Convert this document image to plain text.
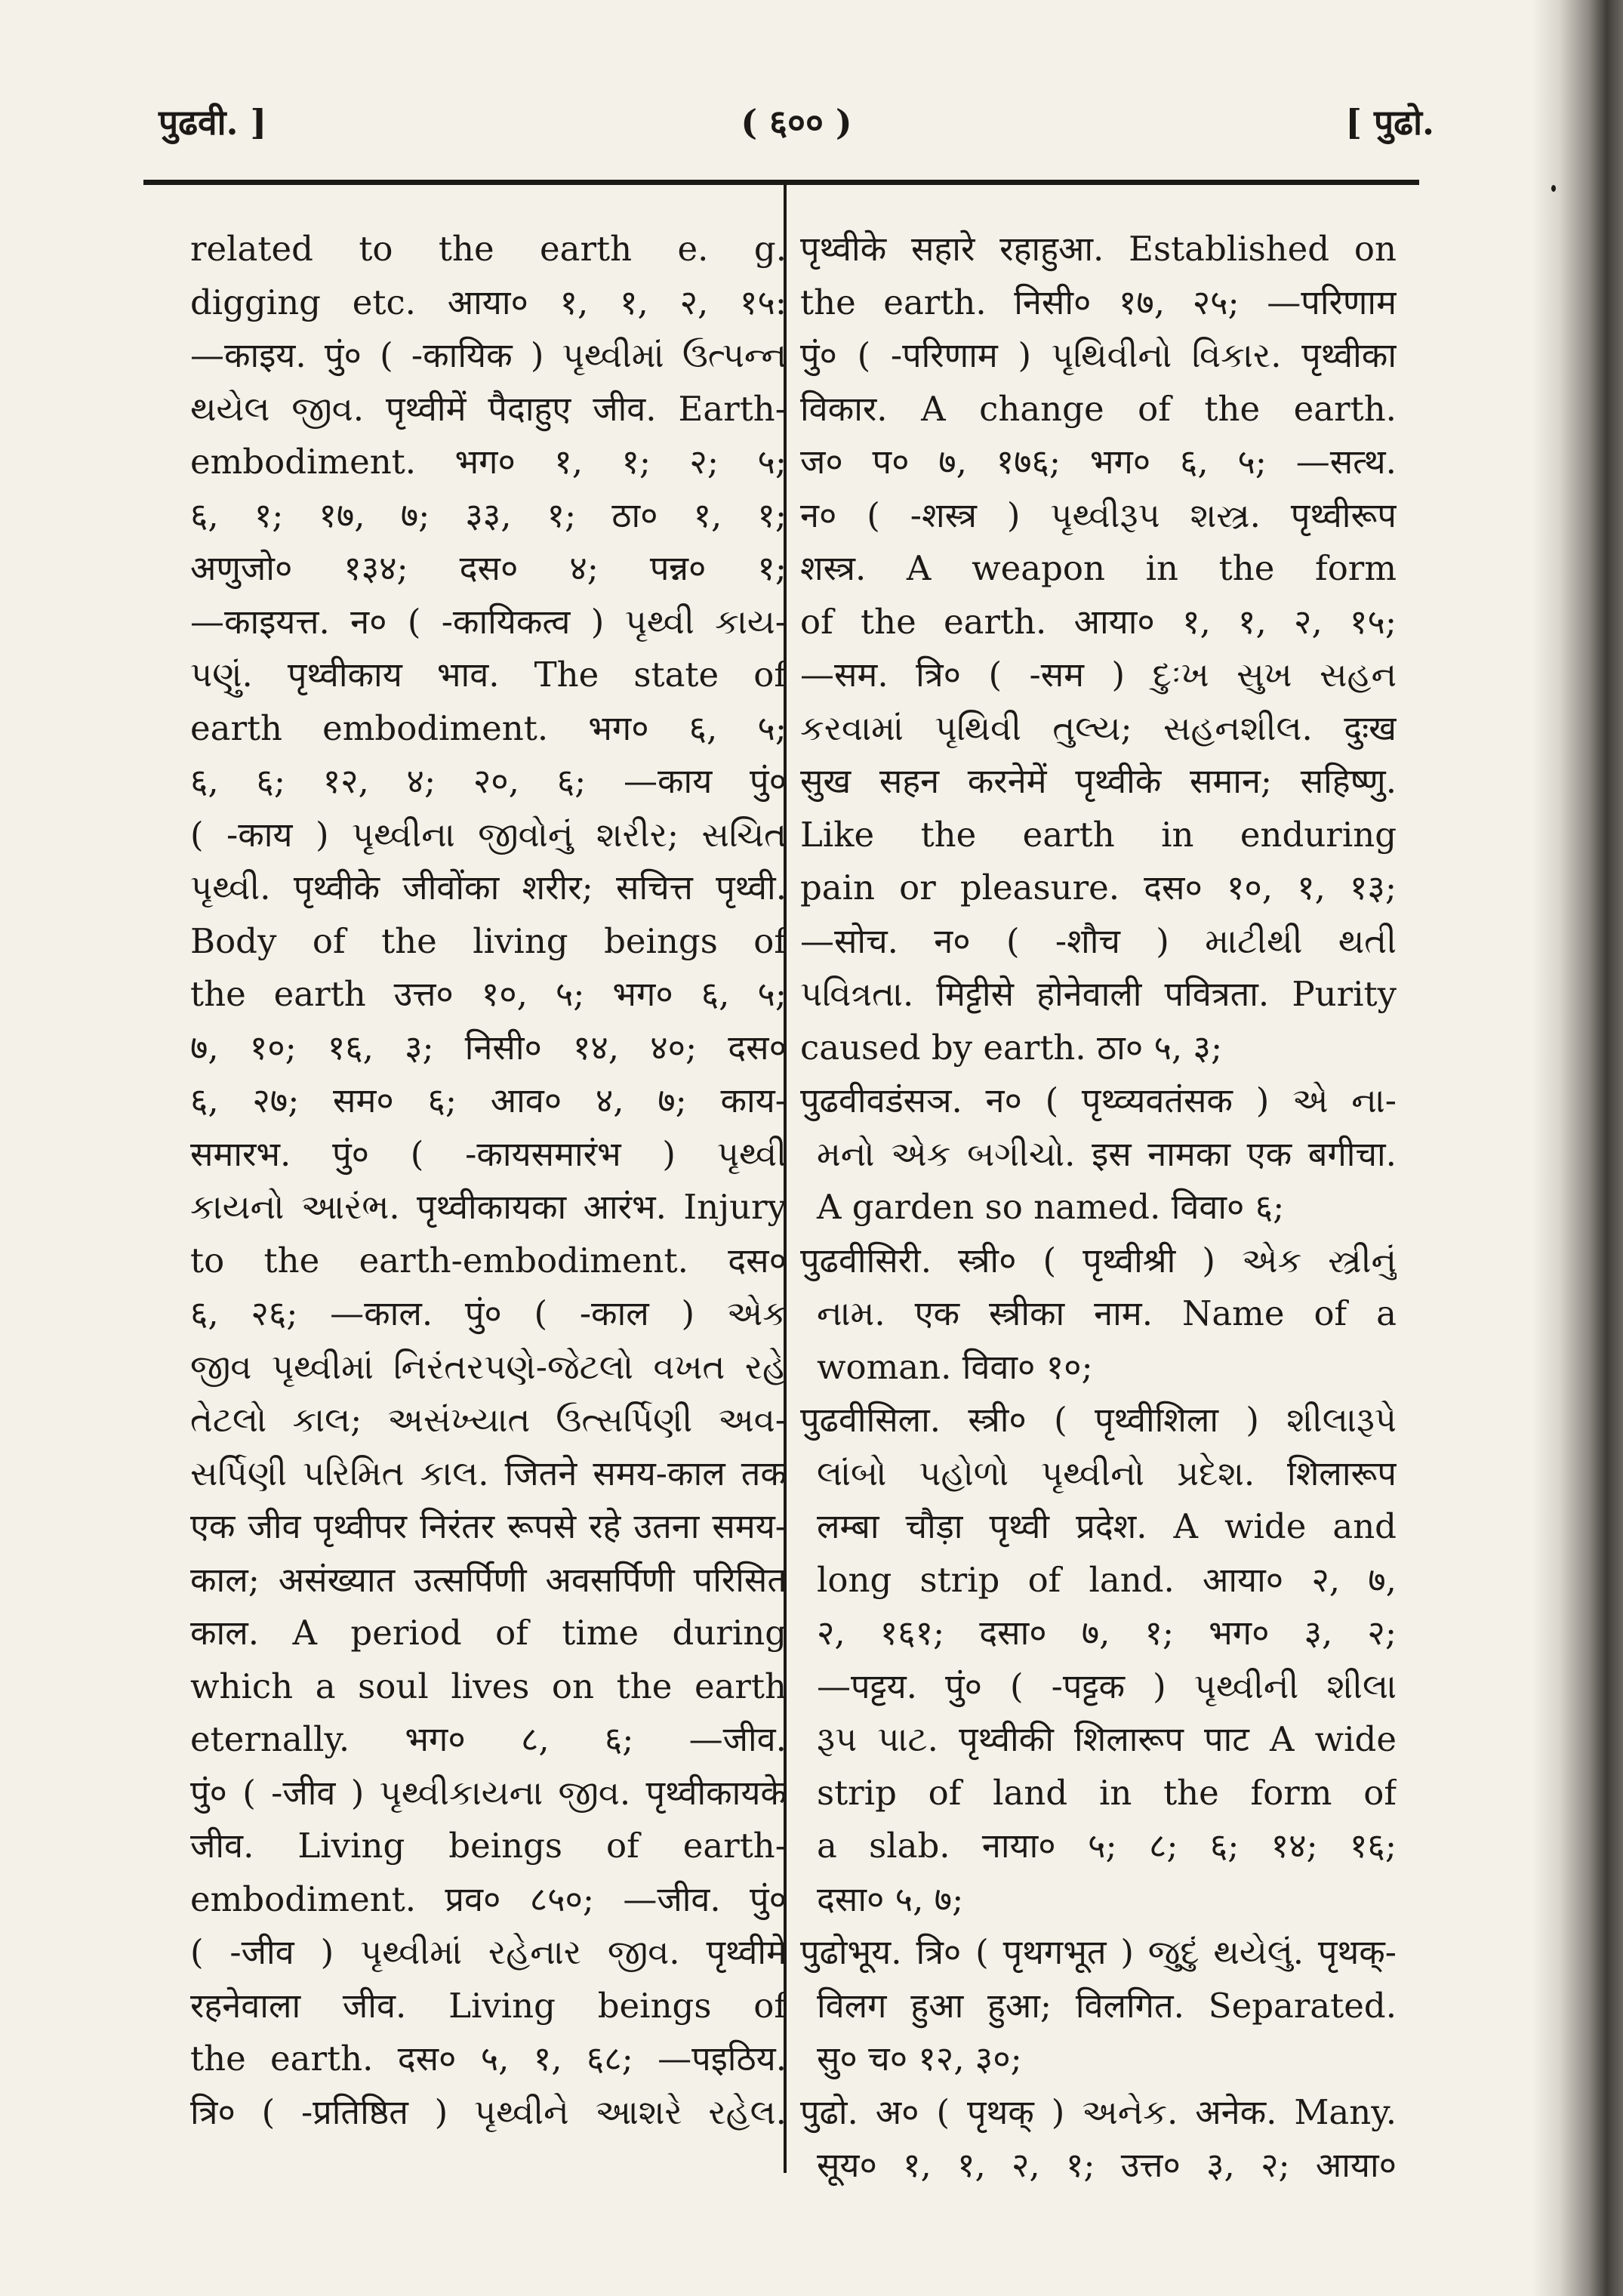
पुढवी. ]	( ६०० )	[ पुढो.
related to the earth e. g.
digging etc. आया० १, १, २, १५:
—काइय. पुं० ( -कायिक ) પૃથ્વીમાં ઉત્પન્ન
થયેલ જીવ. पृथ्वीमें पैदाहुए जीव. Earth-
embodiment. भग० १, १; २; ५;
६, १; १७, ७; ३३, १; ठा० १, १;
अणुजो० १३४; दस० ४; पन्न० १;
—काइयत्त. न० ( -कायिकत्व ) પૃથ્વી કાય-
પણું. पृथ्वीकाय भाव. The state of
earth embodiment. भग० ६, ५;
६, ६; १२, ४; २०, ६; —काय पुं०
( -काय ) પૃથ્વીના જીવોનું શરીર; સચિત
પૃથ્વી. पृथ्वीके जीवोंका शरीर; सचित्त पृथ्वी.
Body of the living beings of
the earth उत्त० १०, ५; भग० ६, ५;
७, १०; १६, ३; निसी० १४, ४०; दस०
६, २७; सम० ६; आव० ४, ७; काय-
समारभ. पुं० ( -कायसमारंभ ) પૃથ્વી
કાયનો આરંભ. पृथ्वीकायका आरंभ. Injury
to the earth-embodiment. दस०
६, २६; —काल. पुं० ( -काल ) એક
જીવ પૃથ્વીમાં નિરંતરપણે-જેટલો વખત રહે
તેટલો કાલ; અસંખ્યાત ઉત્સર્પિણી અવ-
સર્પિણી પરિમિત કાલ. जितने समय-काल तक
एक जीव पृथ्वीपर निरंतर रूपसे रहे उतना समय-
काल; असंख्यात उत्सर्पिणी अवसर्पिणी परिसित
काल. A period of time during
which a soul lives on the earth
eternally. भग० ८, ६; —जीव.
पुं० ( -जीव ) પૃથ્વીકાયના જીવ. पृथ्वीकायके
जीव. Living beings of earth-
embodiment. प्रव० ८५०; —जीव. पुं०
( -जीव ) પૃથ્વીમાં રહેનાર જીવ. पृथ्वीमे
रहनेवाला जीव. Living beings of
the earth. दस० ५, १, ६८; —पइठिय.
त्रि० ( -प्रतिष्ठित ) પૃથ્વીને આશરે રહેલ.
पृथ्वीके सहारे रहाहुआ. Established on
the earth. निसी० १७, २५; —परिणाम
पुं० ( -परिणाम ) પૃથિવીનો વિકાર. पृथ्वीका
विकार. A change of the earth.
ज० प० ७, १७६; भग० ६, ५; —सत्थ.
न० ( -शस्त्र ) પૃથ્વીરૂપ શસ્ત્ર. पृथ्वीरूप
शस्त्र. A weapon in the form
of the earth. आया० १, १, २, १५;
—सम. त्रि० ( -सम ) દુઃખ સુખ સહન
કરવામાં પૃથિવી તુલ્ય; સહનશીલ. दुःख
सुख सहन करनेमें पृथ्वीके समान; सहिष्णु.
Like the earth in enduring
pain or pleasure. दस० १०, १, १३;
—सोच. न० ( -शौच ) માટીથી થતી
પવિત્રતા. मिट्टीसे होनेवाली पवित्रता. Purity
caused by earth. ठा० ५, ३;
पुढवीवडंसञ. न० ( पृथ्व्यवतंसक ) એ ના-
મનો એક બગીચો. इस नामका एक बगीचा.
A garden so named. विवा० ६;
पुढवीसिरी. स्त्री० ( पृथ्वीश्री ) એક સ્ત્રીનું
નામ. एक स्त्रीका नाम. Name of a
woman. विवा० १०;
पुढवीसिला. स्त्री० ( पृथ्वीशिला ) શીલારૂપે
લાંબો પહોળો પૃથ્વીનો પ્રદેશ. शिलारूप
लम्बा चौड़ा पृथ्वी प्रदेश. A wide and
long strip of land. आया० २, ७,
२, १६१; दसा० ७, १; भग० ३, २;
—पट्टय. पुं० ( -पट्टक ) પૃથ્વીની શીલા
રૂપ પાટ. पृथ्वीकी शिलारूप पाट A wide
strip of land in the form of
a slab. नाया० ५; ८; ६; १४; १६;
दसा० ५, ७;
पुढोभूय. त्रि० ( पृथगभूत ) જુદું થયેલું. पृथक्-
विलग हुआ हुआ; विलगित. Separated.
सु० च० १२, ३०;
पुढो. अ० ( पृथक् ) અનેક. अनेक. Many.
सूय० १, १, २, १; उत्त० ३, २; आया०
